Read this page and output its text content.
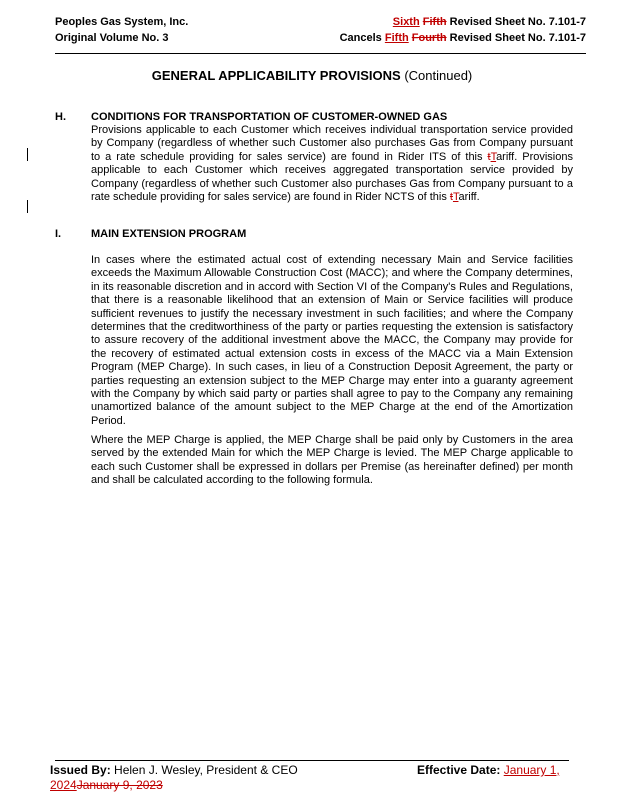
Peoples Gas System, Inc.
Original Volume No. 3
Sixth Fifth Revised Sheet No. 7.101-7
Cancels Fifth Fourth Revised Sheet No. 7.101-7
GENERAL APPLICABILITY PROVISIONS (Continued)
H. CONDITIONS FOR TRANSPORTATION OF CUSTOMER-OWNED GAS

Provisions applicable to each Customer which receives individual transportation service provided by Company (regardless of whether such Customer also purchases Gas from Company pursuant to a rate schedule providing for sales service) are found in Rider ITS of this tTariff. Provisions applicable to each Customer which receives aggregated transportation service provided by Company (regardless of whether such Customer also purchases Gas from Company pursuant to a rate schedule providing for sales service) are found in Rider NCTS of this tTariff.

I.	MAIN EXTENSION PROGRAM

In cases where the estimated actual cost of extending necessary Main and Service facilities exceeds the Maximum Allowable Construction Cost (MACC); and where the Company determines, in its reasonable discretion and in accord with Section VI of the Company's Rules and Regulations, that there is a reasonable likelihood that an extension of Main or Service facilities will produce sufficient revenues to justify the necessary investment in such facilities; and where the Company determines that the creditworthiness of the party or parties requesting the extension is satisfactory to assure recovery of the additional investment above the MACC, the Company may provide for the recovery of estimated actual extension costs in excess of the MACC via a Main Extension Program (MEP Charge). In such cases, in lieu of a Construction Deposit Agreement, the party or parties requesting an extension subject to the MEP Charge may enter into a guaranty agreement with the Company by which said party or parties shall agree to pay to the Company any remaining unamortized balance of the amount subject to the MEP Charge at the end of the Amortization Period.

Where the MEP Charge is applied, the MEP Charge shall be paid only by Customers in the area served by the extended Main for which the MEP Charge is levied. The MEP Charge applicable to each such Customer shall be expressed in dollars per Premise (as hereinafter defined) per month and shall be calculated according to the following formula.

Issued By: Helen J. Wesley, President & CEO	Effective Date: January 1,
2024January 9, 2023
